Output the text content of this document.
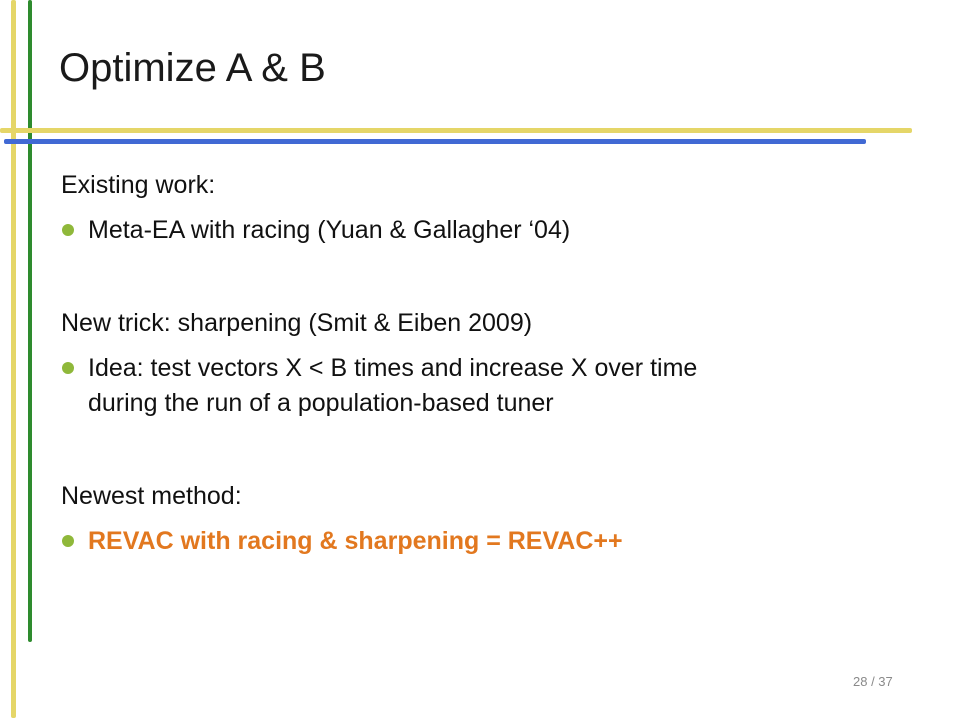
Optimize A & B
Existing work:
Meta-EA with racing (Yuan & Gallagher ‘04)
New trick: sharpening (Smit & Eiben 2009)
Idea: test vectors X < B times and increase X over time
during the run of a population-based tuner
Newest method:
REVAC with racing & sharpening = REVAC++
28 / 37
